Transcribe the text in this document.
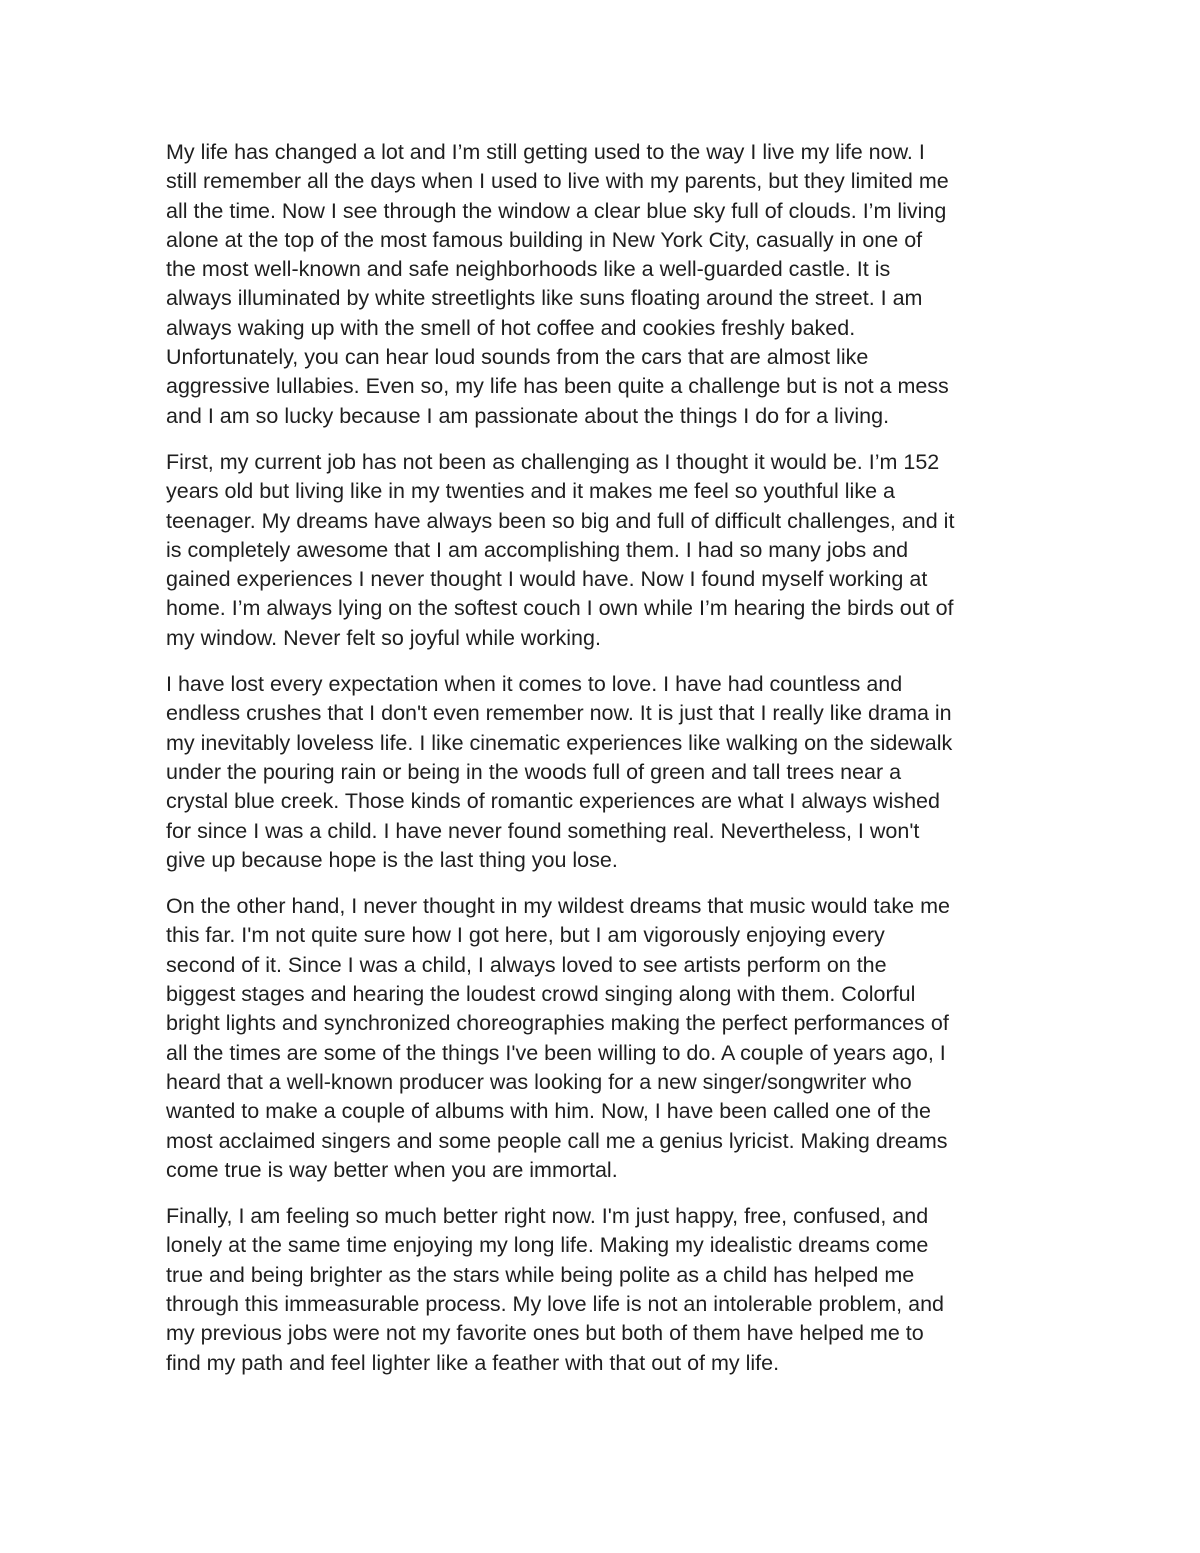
My life has changed a lot and I’m still getting used to the way I live my life now. I
still remember all the days when I used to live with my parents, but they limited me
all the time. Now I see through the window a clear blue sky full of clouds. I’m living
alone at the top of the most famous building in New York City, casually in one of
the most well-known and safe neighborhoods like a well-guarded castle. It is
always illuminated by white streetlights like suns floating around the street. I am
always waking up with the smell of hot coffee and cookies freshly baked.
Unfortunately, you can hear loud sounds from the cars that are almost like
aggressive lullabies. Even so, my life has been quite a challenge but is not a mess
and I am so lucky because I am passionate about the things I do for a living.

First, my current job has not been as challenging as I thought it would be. I’m 152
years old but living like in my twenties and it makes me feel so youthful like a
teenager. My dreams have always been so big and full of difficult challenges, and it
is completely awesome that I am accomplishing them. I had so many jobs and
gained experiences I never thought I would have. Now I found myself working at
home. I’m always lying on the softest couch I own while I’m hearing the birds out of
my window. Never felt so joyful while working.

I have lost every expectation when it comes to love. I have had countless and
endless crushes that I don't even remember now. It is just that I really like drama in
my inevitably loveless life. I like cinematic experiences like walking on the sidewalk
under the pouring rain or being in the woods full of green and tall trees near a
crystal blue creek. Those kinds of romantic experiences are what I always wished
for since I was a child. I have never found something real. Nevertheless, I won't
give up because hope is the last thing you lose.

On the other hand, I never thought in my wildest dreams that music would take me
this far. I'm not quite sure how I got here, but I am vigorously enjoying every
second of it. Since I was a child, I always loved to see artists perform on the
biggest stages and hearing the loudest crowd singing along with them. Colorful
bright lights and synchronized choreographies making the perfect performances of
all the times are some of the things I've been willing to do. A couple of years ago, I
heard that a well-known producer was looking for a new singer/songwriter who
wanted to make a couple of albums with him. Now, I have been called one of the
most acclaimed singers and some people call me a genius lyricist. Making dreams
come true is way better when you are immortal.

Finally, I am feeling so much better right now. I'm just happy, free, confused, and
lonely at the same time enjoying my long life. Making my idealistic dreams come
true and being brighter as the stars while being polite as a child has helped me
through this immeasurable process. My love life is not an intolerable problem, and
my previous jobs were not my favorite ones but both of them have helped me to
find my path and feel lighter like a feather with that out of my life.
